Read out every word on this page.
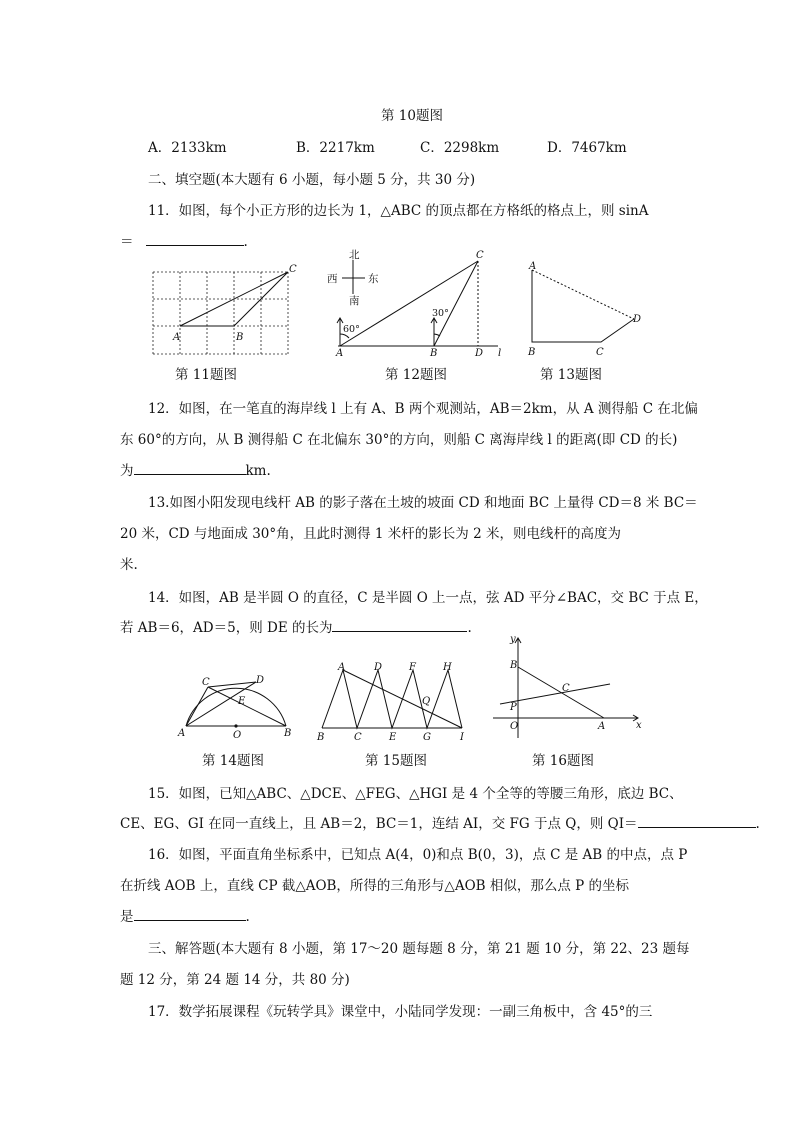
第 10题图
A．2133km	B．2217km	C．2298km	D．7467km
二、填空题(本大题有 6 小题，每小题 5 分，共 30 分)
11．如图，每个小正方形的边长为 1，△ABC 的顶点都在方格纸的格点上，则 sinA
＝	.
A	B
C
第 11题图
北
西	东
南
60°
30°
A	B	D
C
l
第 12题图
A
B	C
D
第 13题图
12．如图，在一笔直的海岸线 l 上有 A、B 两个观测站，AB＝2km，从 A 测得船 C 在北偏
东 60°的方向，从 B 测得船 C 在北偏东 30°的方向，则船 C 离海岸线 l 的距离(即 CD 的长)
为	km.
13.如图小阳发现电线杆 AB 的影子落在土坡的坡面 CD 和地面 BC 上量得 CD＝8 米 BC＝
20 米，CD 与地面成 30°角，且此时测得 1 米杆的影长为 2 米，则电线杆的高度为
米.
14．如图，AB 是半圆 O 的直径，C 是半圆 O 上一点，弦 AD 平分∠BAC，交 BC 于点 E，
若 AB＝6，AD＝5，则 DE 的长为	.
A	B
C	D
E
O
第 14题图
A	D	F	H
Q
B	C	E	G	I
第 15题图
y
B
C
P
O	A	x
第 16题图
15．如图，已知△ABC、△DCE、△FEG、△HGI 是 4 个全等的等腰三角形，底边 BC、
CE、EG、GI 在同一直线上，且 AB＝2，BC＝1，连结 AI，交 FG 于点 Q，则 QI＝	.
16．如图，平面直角坐标系中，已知点 A(4，0)和点 B(0，3)，点 C 是 AB 的中点，点 P
在折线 AOB 上，直线 CP 截△AOB，所得的三角形与△AOB 相似，那么点 P 的坐标
是	.
三、解答题(本大题有 8 小题，第 17～20 题每题 8 分，第 21 题 10 分，第 22、23 题每
题 12 分，第 24 题 14 分，共 80 分)
17．数学拓展课程《玩转学具》课堂中，小陆同学发现：一副三角板中，含 45°的三
